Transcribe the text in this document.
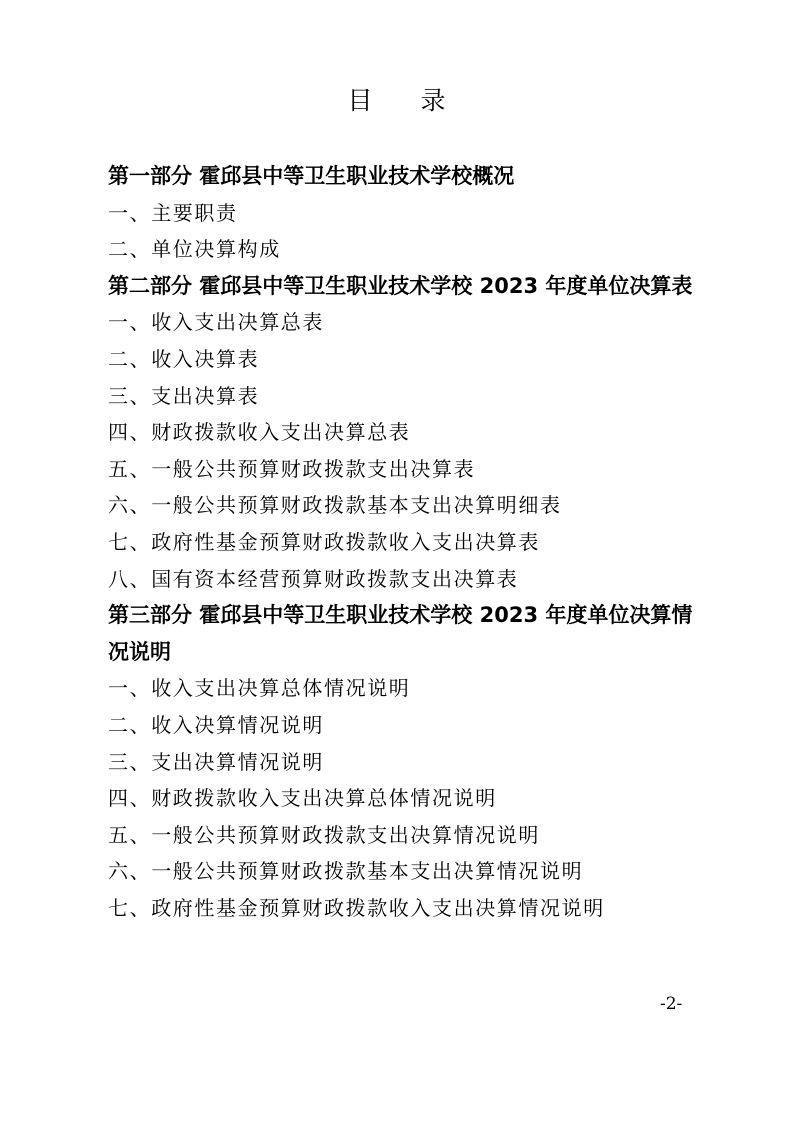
目 录
第一部分 霍邱县中等卫生职业技术学校概况
一、主要职责
二、单位决算构成
第二部分 霍邱县中等卫生职业技术学校 2023 年度单位决算表
一、收入支出决算总表
二、收入决算表
三、支出决算表
四、财政拨款收入支出决算总表
五、一般公共预算财政拨款支出决算表
六、一般公共预算财政拨款基本支出决算明细表
七、政府性基金预算财政拨款收入支出决算表
八、国有资本经营预算财政拨款支出决算表
第三部分 霍邱县中等卫生职业技术学校 2023 年度单位决算情况说明
一、收入支出决算总体情况说明
二、收入决算情况说明
三、支出决算情况说明
四、财政拨款收入支出决算总体情况说明
五、一般公共预算财政拨款支出决算情况说明
六、一般公共预算财政拨款基本支出决算情况说明
七、政府性基金预算财政拨款收入支出决算情况说明
-2-
